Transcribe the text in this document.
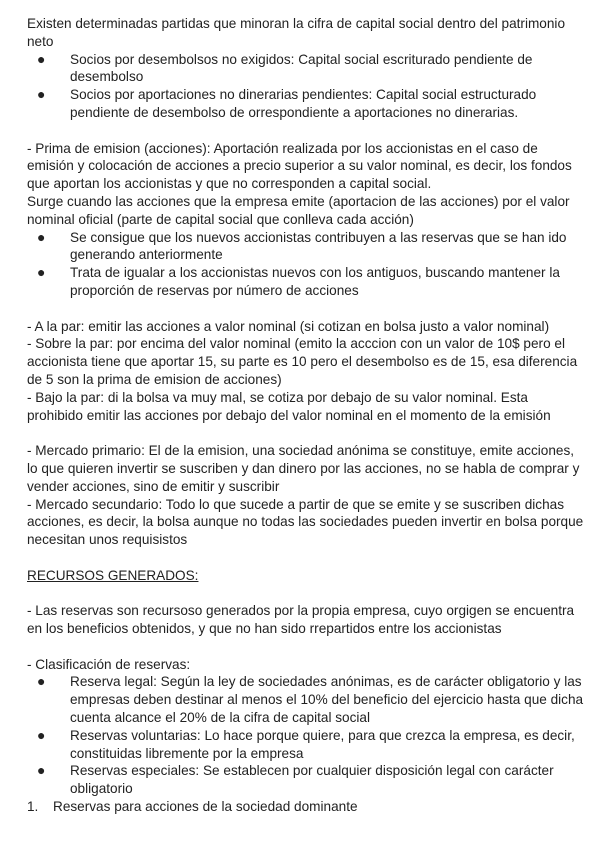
Existen determinadas partidas que minoran la cifra de capital social dentro del patrimonio neto

● Socios por desembolsos no exigidos: Capital social escriturado pendiente de desembolso
● Socios por aportaciones no dinerarias pendientes: Capital social estructurado pendiente de desembolso de orrespondiente a aportaciones no dinerarias.

- Prima de emision (acciones): Aportación realizada por los accionistas en el caso de emisión y colocación de acciones a precio superior a su valor nominal, es decir, los fondos que aportan los accionistas y que no corresponden a capital social.

Surge cuando las acciones que la empresa emite (aportacion de las acciones) por el valor nominal oficial (parte de capital social que conlleva cada acción)

● Se consigue que los nuevos accionistas contribuyen a las reservas que se han ido generando anteriormente
● Trata de igualar a los accionistas nuevos con los antiguos, buscando mantener la proporción de reservas por número de acciones

- A la par: emitir las acciones a valor nominal (si cotizan en bolsa justo a valor nominal)

- Sobre la par: por encima del valor nominal (emito la acccion con un valor de 10$ pero el accionista tiene que aportar 15, su parte es 10 pero el desembolso es de 15, esa diferencia de 5 son la prima de emision de acciones)

- Bajo la par: di la bolsa va muy mal, se cotiza por debajo de su valor nominal. Esta prohibido emitir las acciones por debajo del valor nominal en el momento de la emisión

- Mercado primario: El de la emision, una sociedad anónima se constituye, emite acciones, lo que quieren invertir se suscriben y dan dinero por las acciones, no se habla de comprar y vender acciones, sino de emitir y suscribir

- Mercado secundario: Todo lo que sucede a partir de que se emite y se suscriben dichas acciones, es decir, la bolsa aunque no todas las sociedades pueden invertir en bolsa porque necesitan unos requisistos

RECURSOS GENERADOS:

- Las reservas son recursoso generados por la propia empresa, cuyo orgigen se encuentra en los beneficios obtenidos, y que no han sido rrepartidos entre los accionistas

- Clasificación de reservas:

● Reserva legal: Según la ley de sociedades anónimas, es de carácter obligatorio y las empresas deben destinar al menos el 10% del beneficio del ejercicio hasta que dicha cuenta alcance el 20% de la cifra de capital social
● Reservas voluntarias: Lo hace porque quiere, para que crezca la empresa, es decir, constituidas libremente por la empresa
● Reservas especiales: Se establecen por cualquier disposición legal con carácter obligatorio
1. Reservas para acciones de la sociedad dominante
